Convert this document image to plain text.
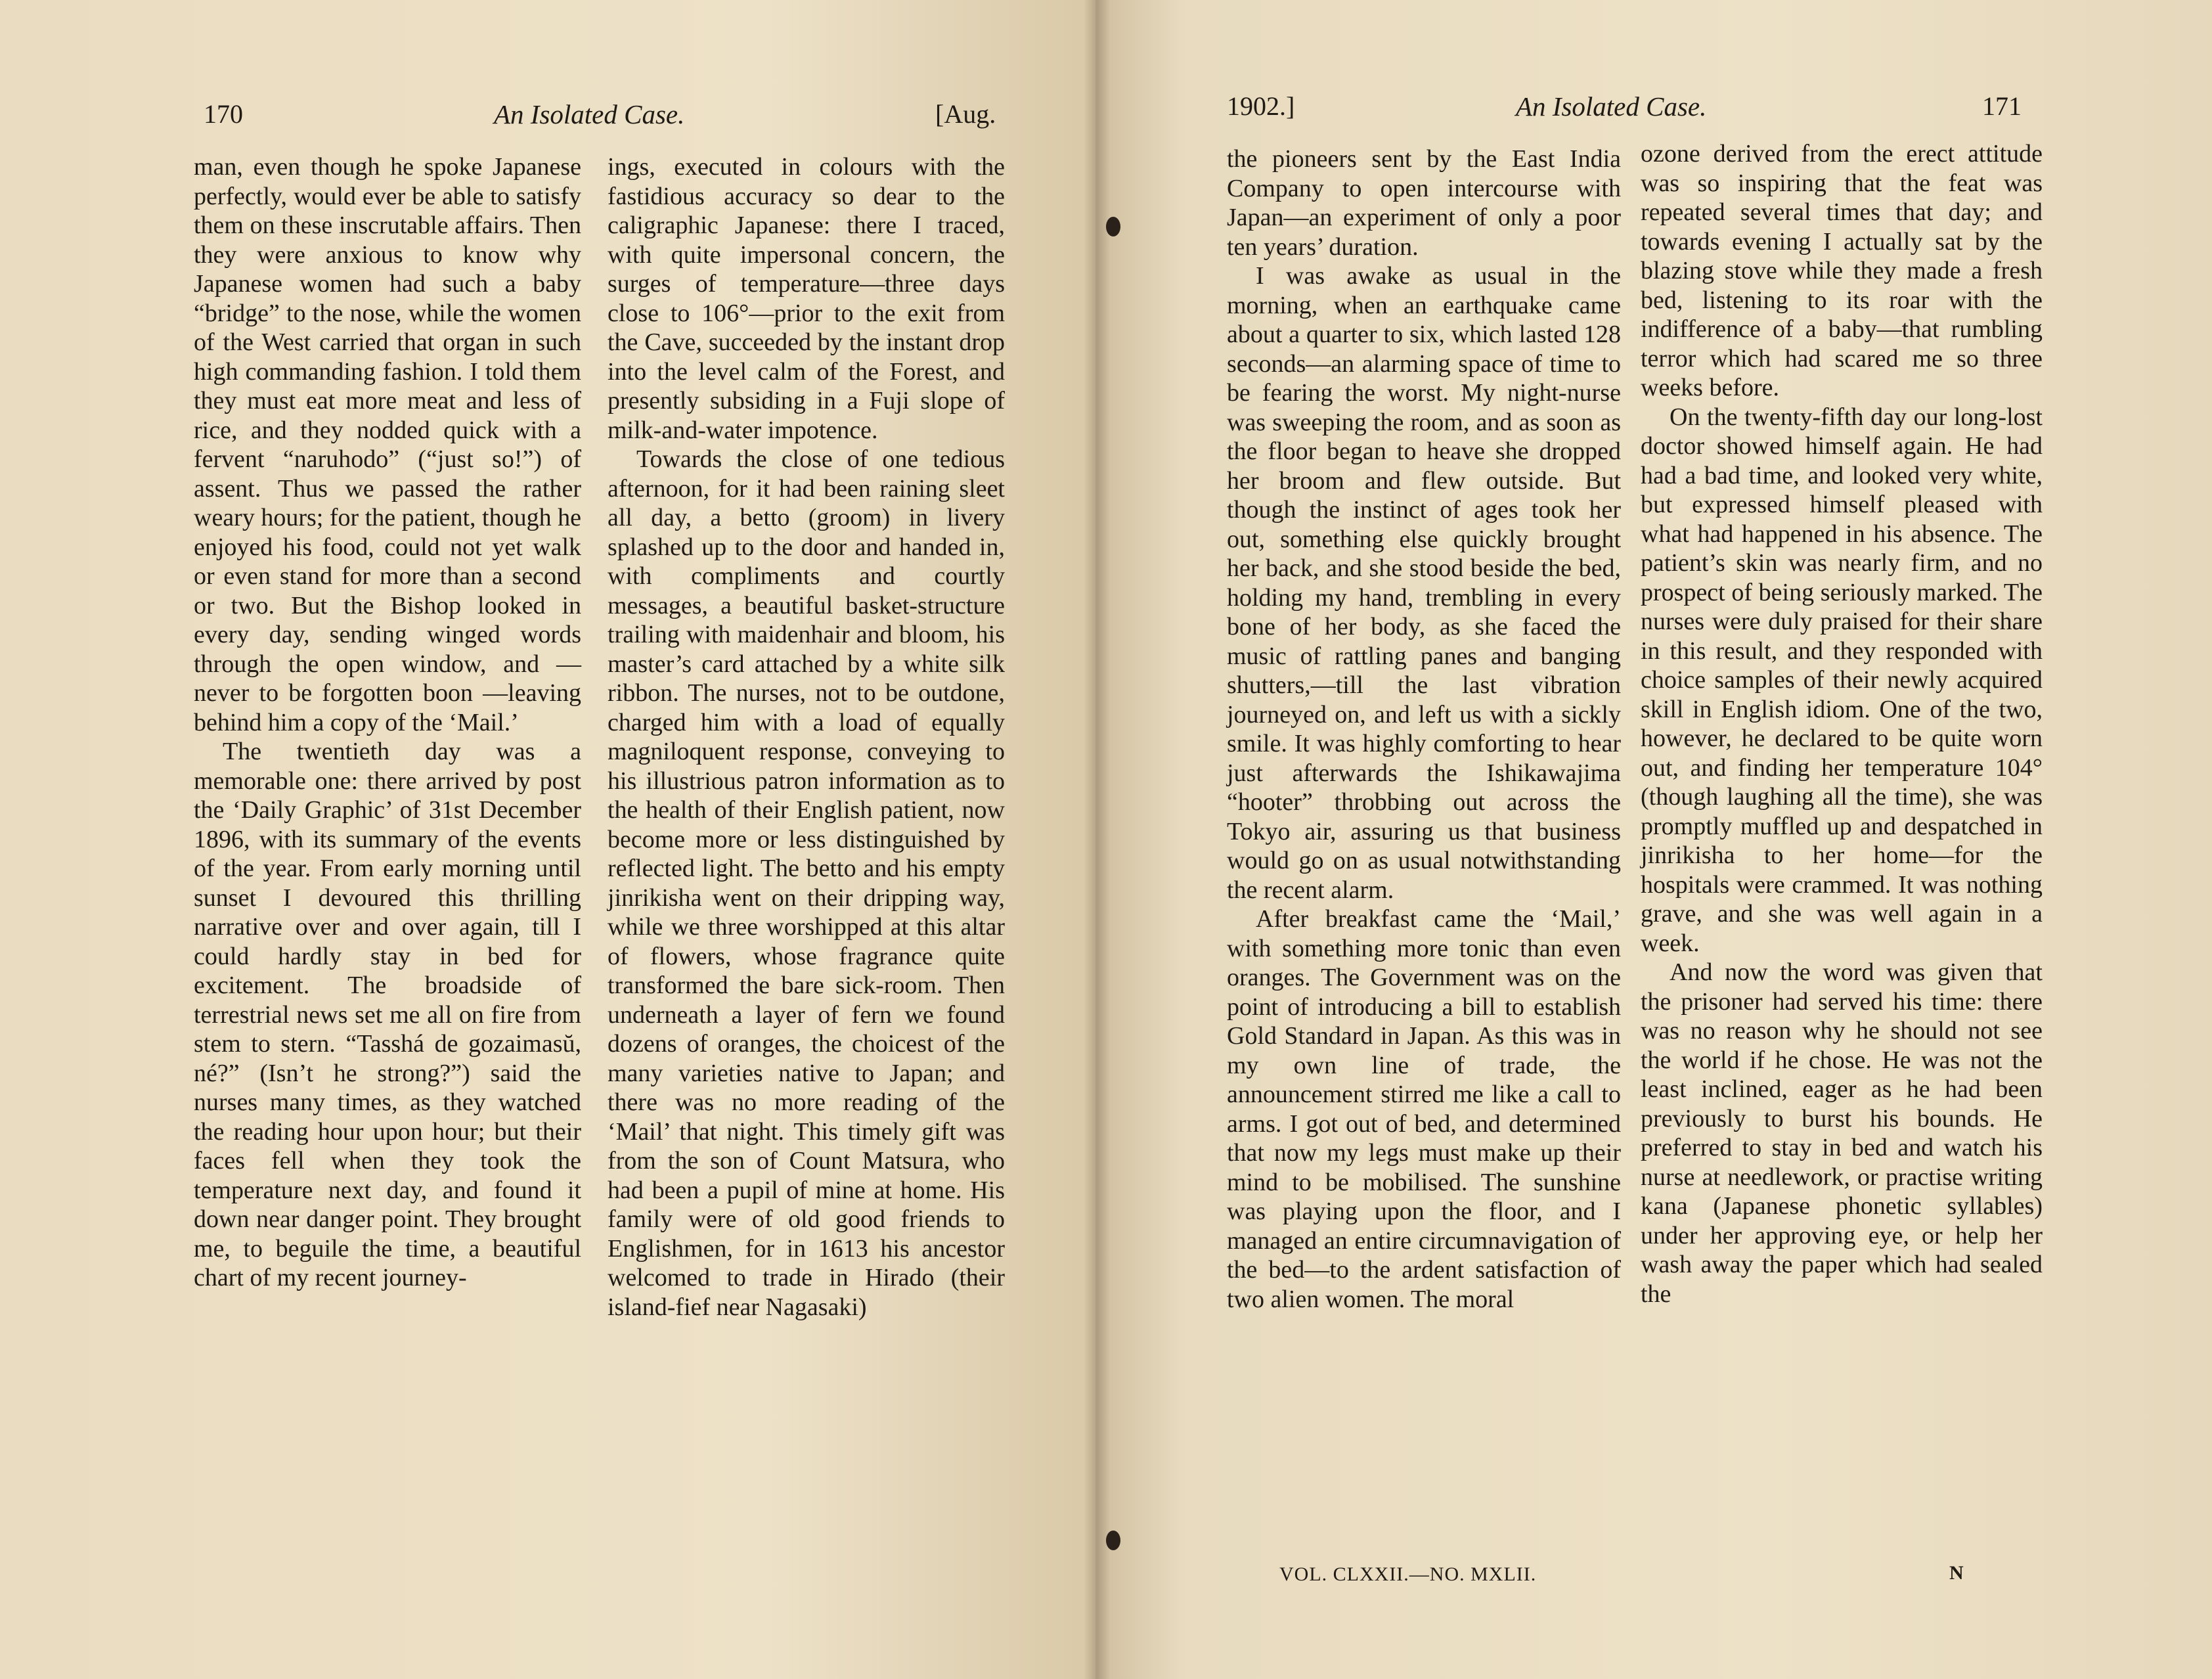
170	An Isolated Case.	[Aug.

man, even though he spoke Japanese perfectly, would ever be able to satisfy them on these inscrutable affairs. Then they were anxious to know why Japanese women had such a baby “bridge” to the nose, while the women of the West carried that organ in such high commanding fashion. I told them they must eat more meat and less of rice, and they nodded quick with a fervent “naruhodo” (“just so!”) of assent. Thus we passed the rather weary hours; for the patient, though he enjoyed his food, could not yet walk or even stand for more than a second or two. But the Bishop looked in every day, sending winged words through the open window, and —never to be forgotten boon —leaving behind him a copy of the ‘Mail.’

The twentieth day was a memorable one: there arrived by post the ‘Daily Graphic’ of 31st December 1896, with its summary of the events of the year. From early morning until sunset I devoured this thrilling narrative over and over again, till I could hardly stay in bed for excitement. The broadside of terrestrial news set me all on fire from stem to stern. “Tasshá de gozaimasŭ, né?” (Isn’t he strong?”) said the nurses many times, as they watched the reading hour upon hour; but their faces fell when they took the temperature next day, and found it down near danger point. They brought me, to beguile the time, a beautiful chart of my recent journey-

ings, executed in colours with the fastidious accuracy so dear to the caligraphic Japanese: there I traced, with quite impersonal concern, the surges of temperature—three days close to 106°—prior to the exit from the Cave, succeeded by the instant drop into the level calm of the Forest, and presently subsiding in a Fuji slope of milk-and-water impotence.

Towards the close of one tedious afternoon, for it had been raining sleet all day, a betto (groom) in livery splashed up to the door and handed in, with compliments and courtly messages, a beautiful basket-structure trailing with maidenhair and bloom, his master’s card attached by a white silk ribbon. The nurses, not to be outdone, charged him with a load of equally magniloquent response, conveying to his illustrious patron information as to the health of their English patient, now become more or less distinguished by reflected light. The betto and his empty jinrikisha went on their dripping way, while we three worshipped at this altar of flowers, whose fragrance quite transformed the bare sick-room. Then underneath a layer of fern we found dozens of oranges, the choicest of the many varieties native to Japan; and there was no more reading of the ‘Mail’ that night. This timely gift was from the son of Count Matsura, who had been a pupil of mine at home. His family were of old good friends to Englishmen, for in 1613 his ancestor welcomed to trade in Hirado (their island-fief near Nagasaki)

1902.]	An Isolated Case.	171

the pioneers sent by the East India Company to open intercourse with Japan—an experiment of only a poor ten years’ duration.

I was awake as usual in the morning, when an earthquake came about a quarter to six, which lasted 128 seconds—an alarming space of time to be fearing the worst. My night-nurse was sweeping the room, and as soon as the floor began to heave she dropped her broom and flew outside. But though the instinct of ages took her out, something else quickly brought her back, and she stood beside the bed, holding my hand, trembling in every bone of her body, as she faced the music of rattling panes and banging shutters,—till the last vibration journeyed on, and left us with a sickly smile. It was highly comforting to hear just afterwards the Ishikawajima “hooter” throbbing out across the Tokyo air, assuring us that business would go on as usual notwithstanding the recent alarm.

After breakfast came the ‘Mail,’ with something more tonic than even oranges. The Government was on the point of introducing a bill to establish Gold Standard in Japan. As this was in my own line of trade, the announcement stirred me like a call to arms. I got out of bed, and determined that now my legs must make up their mind to be mobilised. The sunshine was playing upon the floor, and I managed an entire circumnavigation of the bed—to the ardent satisfaction of two alien women. The moral

ozone derived from the erect attitude was so inspiring that the feat was repeated several times that day; and towards evening I actually sat by the blazing stove while they made a fresh bed, listening to its roar with the indifference of a baby—that rumbling terror which had scared me so three weeks before.

On the twenty-fifth day our long-lost doctor showed himself again. He had had a bad time, and looked very white, but expressed himself pleased with what had happened in his absence. The patient’s skin was nearly firm, and no prospect of being seriously marked. The nurses were duly praised for their share in this result, and they responded with choice samples of their newly acquired skill in English idiom. One of the two, however, he declared to be quite worn out, and finding her temperature 104° (though laughing all the time), she was promptly muffled up and despatched in jinrikisha to her home—for the hospitals were crammed. It was nothing grave, and she was well again in a week.

And now the word was given that the prisoner had served his time: there was no reason why he should not see the world if he chose. He was not the least inclined, eager as he had been previously to burst his bounds. He preferred to stay in bed and watch his nurse at needlework, or practise writing kana (Japanese phonetic syllables) under her approving eye, or help her wash away the paper which had sealed the

VOL. CLXXII.—NO. MXLII.	N
